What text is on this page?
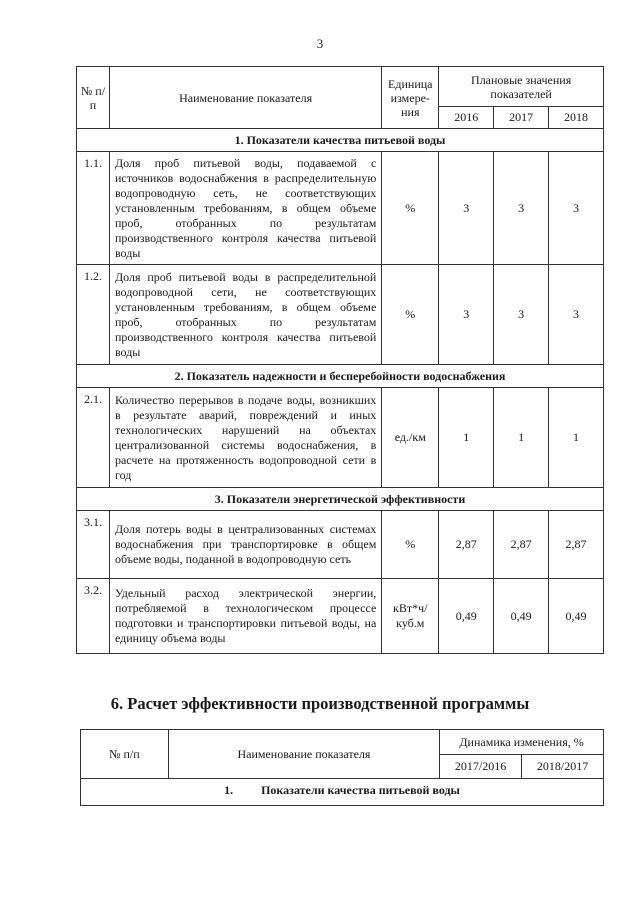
3
№ п/п	Наименование показателя	Единица измере-ния	Плановые значения показателей		
			2016	2017	2018
1. Показатели качества питьевой воды					
1.1.	Доля проб питьевой воды, подаваемой с источников водоснабжения в распределительную водопроводную сеть, не соответствующих установленным требованиям, в общем объеме проб, отобранных по результатам производственного контроля качества питьевой воды	%	3	3	3
1.2.	Доля проб питьевой воды в распределительной водопроводной сети, не соответствующих установленным требованиям, в общем объеме проб, отобранных по результатам производственного контроля качества питьевой воды	%	3	3	3
2. Показатель надежности и бесперебойности водоснабжения					
2.1.	Количество перерывов в подаче воды, возникших в результате аварий, повреждений и иных технологических нарушений на объектах централизованной системы водоснабжения, в расчете на протяженность водопроводной сети в год	ед./км	1	1	1
3. Показатели энергетической эффективности					
3.1.	Доля потерь воды в централизованных системах водоснабжения при транспортировке в общем объеме воды, поданной в водопроводную сеть	%	2,87	2,87	2,87
3.2.	Удельный расход электрической энергии, потребляемой в технологическом процессе подготовки и транспортировки питьевой воды, на единицу объема воды	кВт*ч/ куб.м	0,49	0,49	0,49
6. Расчет эффективности производственной программы
№ п/п	Наименование показателя	Динамика изменения, %	
		2017/2016	2018/2017
1. Показатели качества питьевой воды			
